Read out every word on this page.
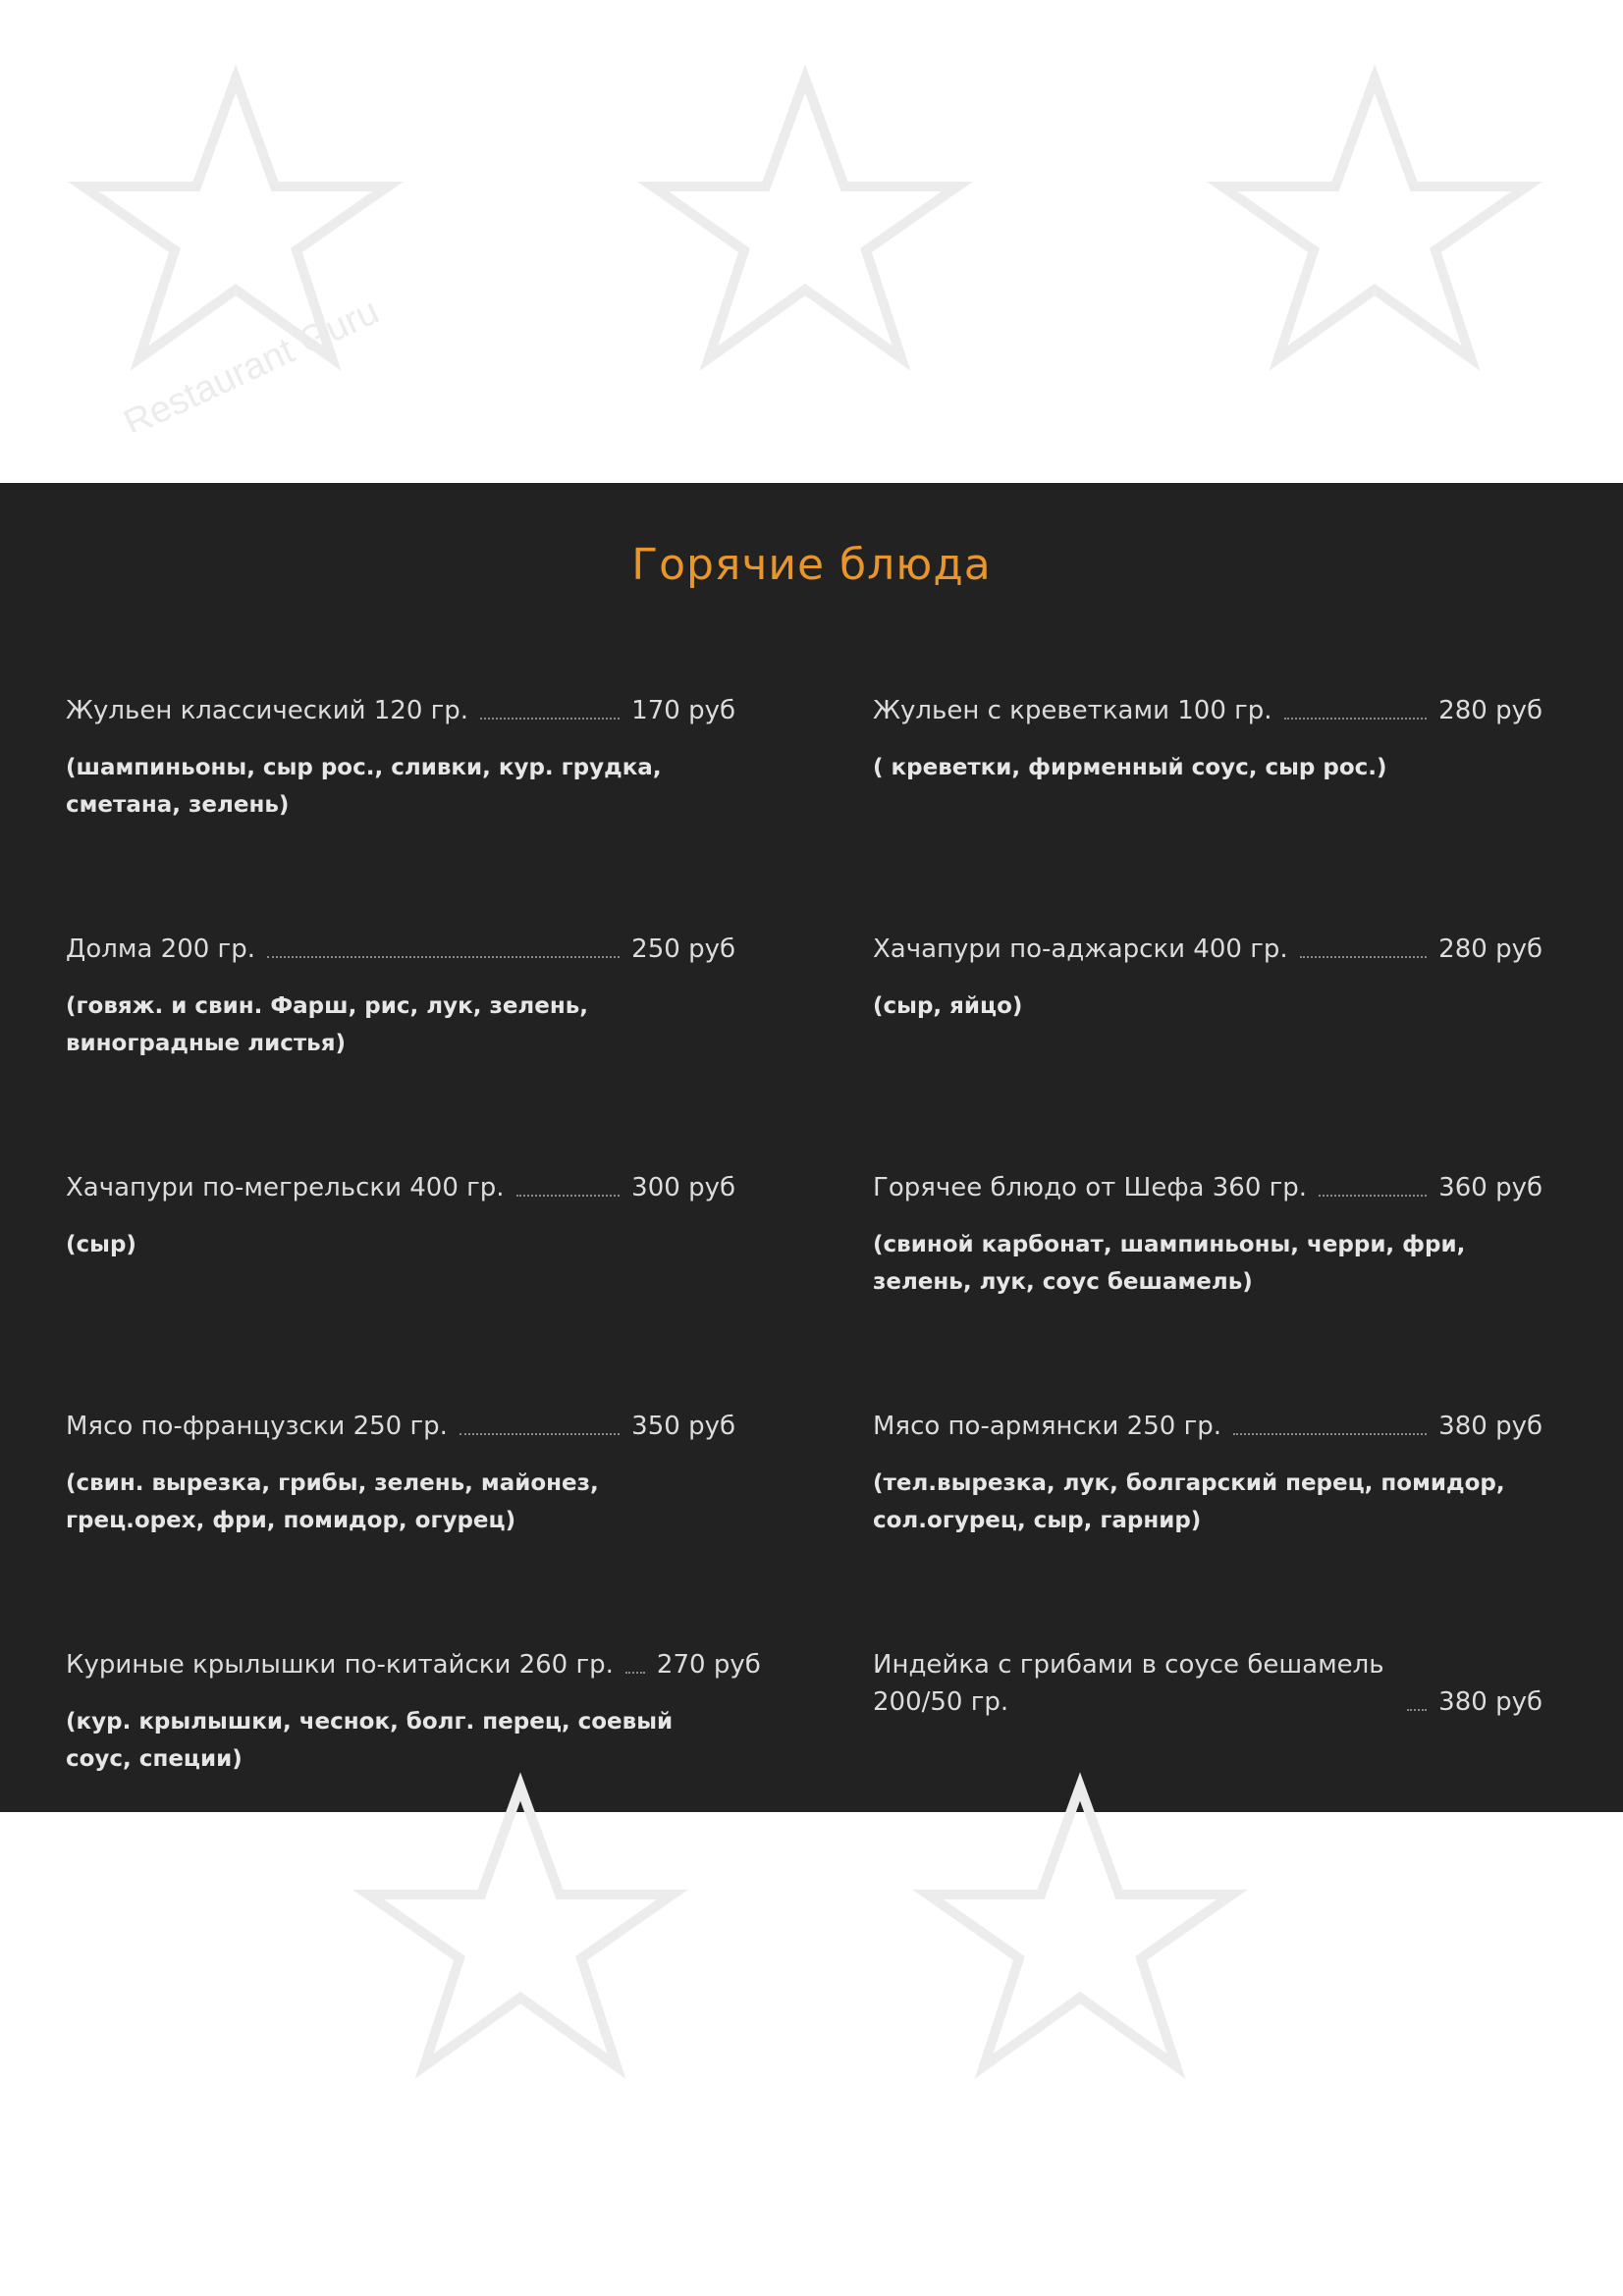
Restaurant Guru
Горячие блюда
Жульен классический 120 гр.	170 руб
(шампиньоны, сыр рос., сливки, кур. грудка, сметана, зелень)
Жульен с креветками 100 гр.	280 руб
( креветки, фирменный соус, сыр рос.)
Долма 200 гр.	250 руб
(говяж. и свин. Фарш, рис, лук, зелень, виноградные листья)
Хачапури по-аджарски 400 гр.	280 руб
(сыр, яйцо)
Хачапури по-мегрельски 400 гр.	300 руб
(сыр)
Горячее блюдо от Шефа 360 гр.	360 руб
(свиной карбонат, шампиньоны, черри, фри, зелень, лук, соус бешамель)
Мясо по-французски 250 гр.	350 руб
(свин. вырезка, грибы, зелень, майонез, грец.орех, фри, помидор, огурец)
Мясо по-армянски 250 гр.	380 руб
(тел.вырезка, лук, болгарский перец, помидор, сол.огурец, сыр, гарнир)
Куриные крылышки по-китайски 260 гр. 270 руб
(кур. крылышки, чеснок, болг. перец, соевый соус, специи)
Индейка с грибами в соусе бешамель 200/50 гр.	380 руб
